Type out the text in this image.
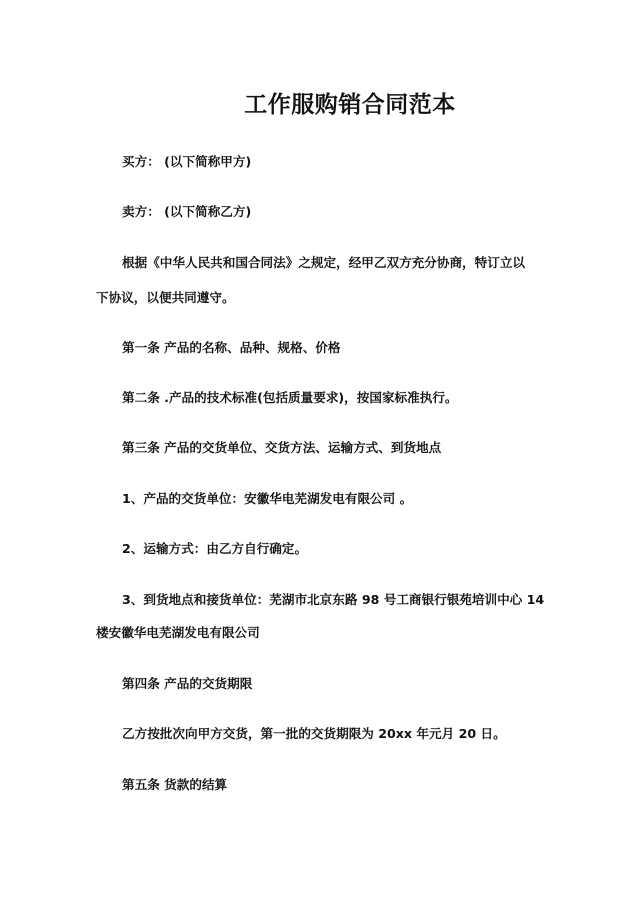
工作服购销合同范本
买方： (以下简称甲方)
卖方： (以下简称乙方)
根据《中华人民共和国合同法》之规定，经甲乙双方充分协商，特订立以
下协议，以便共同遵守。
第一条 产品的名称、品种、规格、价格
第二条 .产品的技术标准(包括质量要求)，按国家标准执行。
第三条 产品的交货单位、交货方法、运输方式、到货地点
1、产品的交货单位：安徽华电芜湖发电有限公司 。
2、运输方式：由乙方自行确定。
3、到货地点和接货单位：芜湖市北京东路 98 号工商银行银苑培训中心 14
楼安徽华电芜湖发电有限公司
第四条 产品的交货期限
乙方按批次向甲方交货，第一批的交货期限为 20xx 年元月 20 日。
第五条 货款的结算
